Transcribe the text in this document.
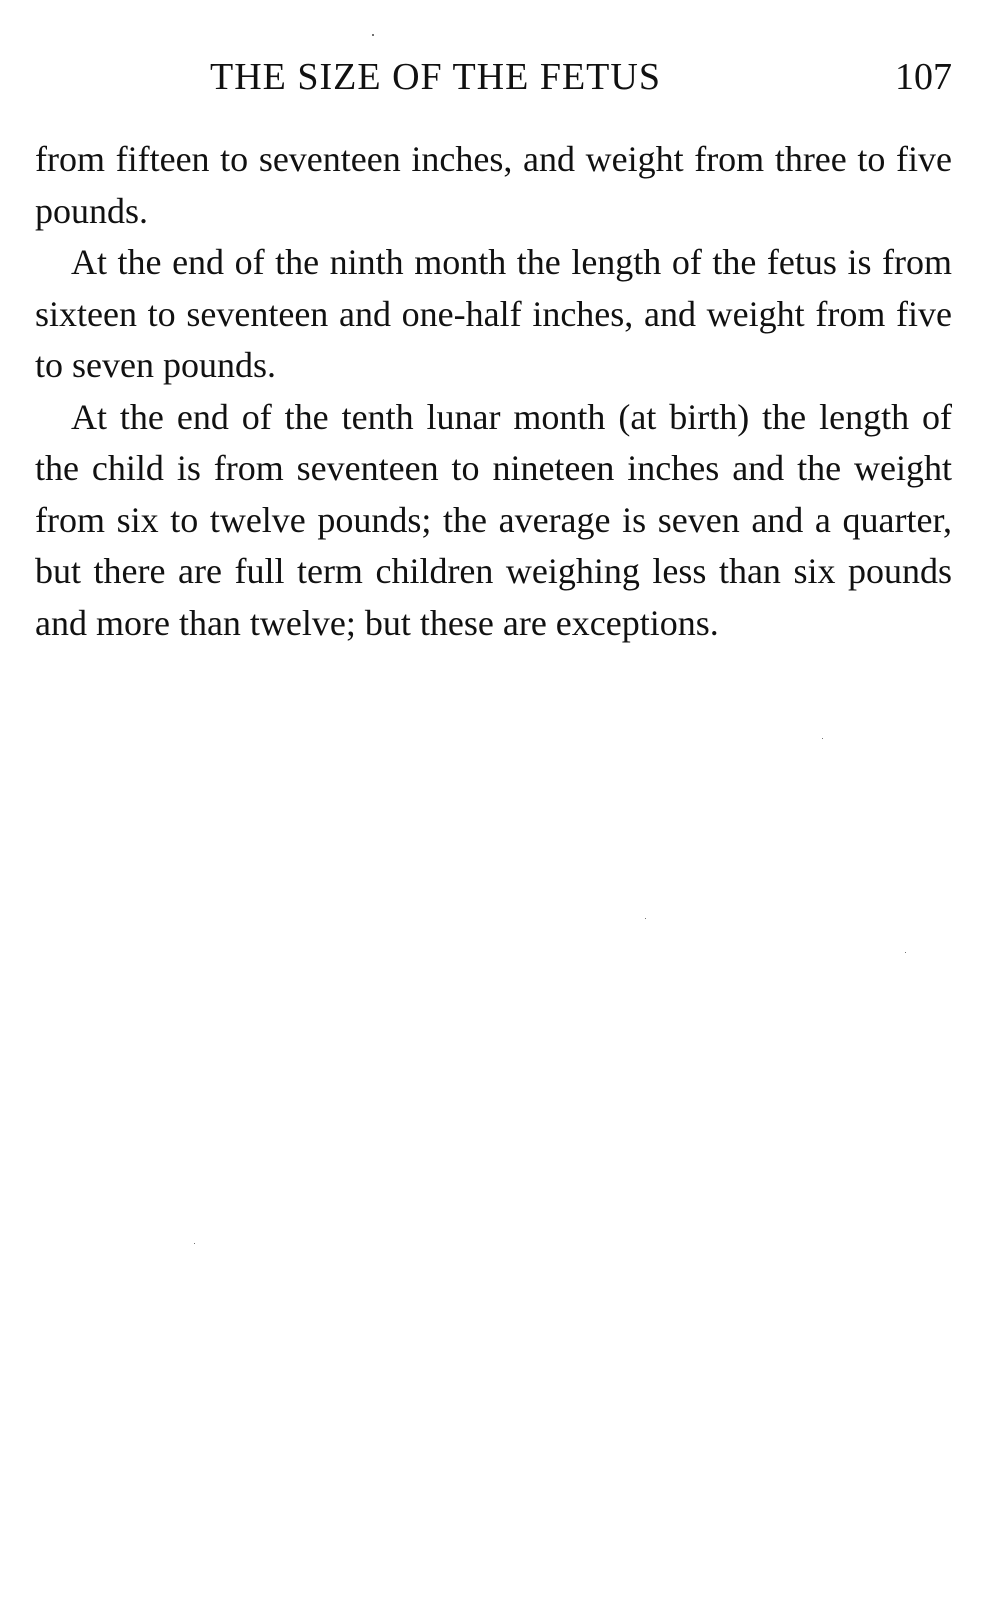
THE SIZE OF THE FETUS	107

from fifteen to seventeen inches, and weight from three to five pounds.

At the end of the ninth month the length of the fetus is from sixteen to seventeen and one-half inches, and weight from five to seven pounds.

At the end of the tenth lunar month (at birth) the length of the child is from seventeen to nineteen inches and the weight from six to twelve pounds; the average is seven and a quarter, but there are full term children weighing less than six pounds and more than twelve; but these are exceptions.
